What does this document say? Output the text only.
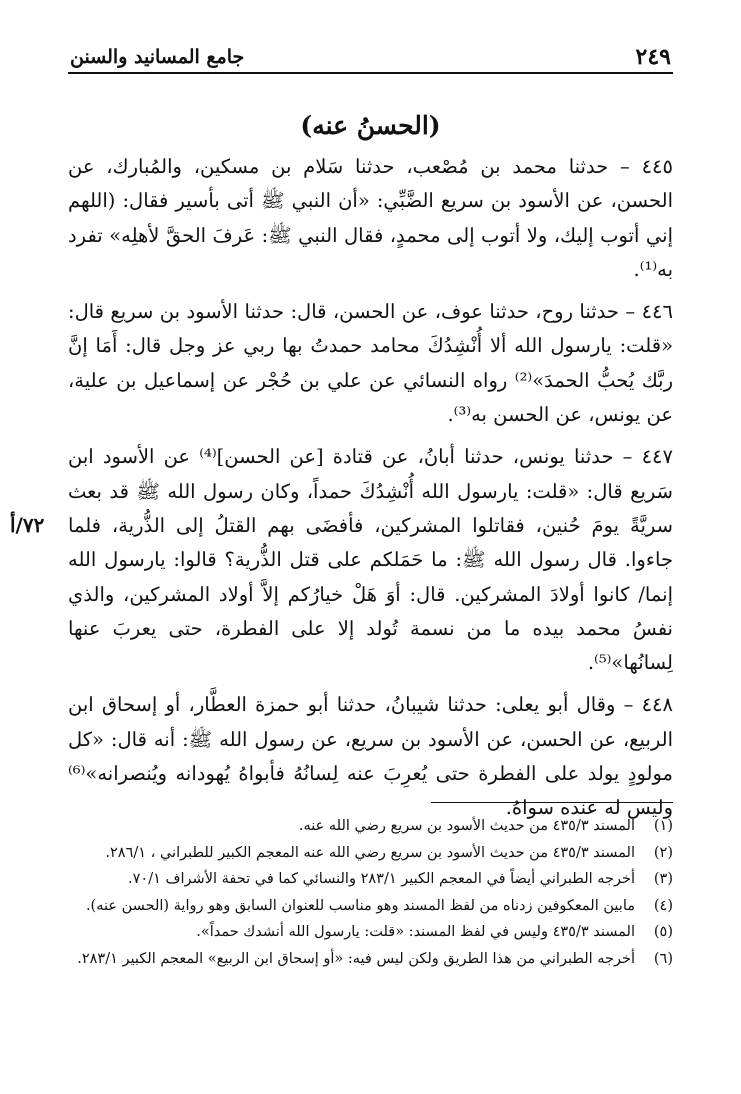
٢٤٩
جامع المسانيد والسنن
(الحسنُ عنه)

٤٤٥ – حدثنا محمد بن مُصْعب، حدثنا سَلام بن مسكين، والمُبارك، عن الحسن، عن الأسود بن سريع الضَّبِّي: «أن النبي ﷺ أتى بأسير فقال: (اللهم إني أتوب إليك، ولا أتوب إلى محمدٍ، فقال النبي ﷺ: عَرفَ الحقَّ لأهلِه» تفرد به⁽¹⁾.

٤٤٦ – حدثنا روح، حدثنا عوف، عن الحسن، قال: حدثنا الأسود بن سريع قال: «قلت: يارسول الله ألا أُنْشِدُكَ محامد حمدتُ بها ربي عز وجل قال: أَمَا إنَّ ربَّك يُحبُّ الحمدَ»⁽²⁾ رواه النسائي عن علي بن حُجْر عن إسماعيل بن علية، عن يونس، عن الحسن به⁽³⁾.

٤٤٧ – حدثنا يونس، حدثنا أبانُ، عن قتادة [عن الحسن]⁽⁴⁾ عن الأسود ابن سَريع قال: «قلت: يارسول الله أُنْشِدُكَ حمداً، وكان رسول الله ﷺ قد بعث سريَّةً يومَ حُنين، فقاتلوا المشركين، فأفضَى بهم القتلُ إلى الذُّرية، فلما جاءوا. قال رسول الله ﷺ: ما حَمَلكم على قتل الذُّرية؟ قالوا: يارسول الله إنما/ كانوا أولادَ المشركين. قال: أوَ هَلْ خيارُكم إلاَّ أولاد المشركين، والذي نفسُ محمد بيده ما من نسمة تُولد إلا على الفطرة، حتى يعربَ عنها لِسانُها»⁽⁵⁾.

٤٤٨ – وقال أبو يعلى: حدثنا شيبانُ، حدثنا أبو حمزة العطَّار، أو إسحاق ابن الربيع، عن الحسن، عن الأسود بن سريع، عن رسول الله ﷺ: أنه قال: «كل مولودٍ يولد على الفطرة حتى يُعرِبَ عنه لِسانُهُ فأبواهُ يُهودانه ويُنصرانه»⁽⁶⁾ وليس له عنده سواهُ.

٧٢/أ
(١)
المسند ٤٣٥/٣ من حديث الأسود بن سريع رضي الله عنه.
(٢)
المسند ٤٣٥/٣ من حديث الأسود بن سريع رضي الله عنه المعجم الكبير للطبراني ، ٢٨٦/١.
(٣)
أخرجه الطبراني أيضاً في المعجم الكبير ٢٨٣/١ والنسائي كما في تحفة الأشراف ٧٠/١.
(٤)
مابين المعكوفين زدناه من لفظ المسند وهو مناسب للعنوان السابق وهو رواية (الحسن عنه).
(٥)
المسند ٤٣٥/٣ وليس في لفظ المسند: «قلت: يارسول الله أنشدك حمداً».
(٦)
أخرجه الطبراني من هذا الطريق ولكن ليس فيه: «أو إسحاق ابن الربيع» المعجم الكبير ٢٨٣/١.
